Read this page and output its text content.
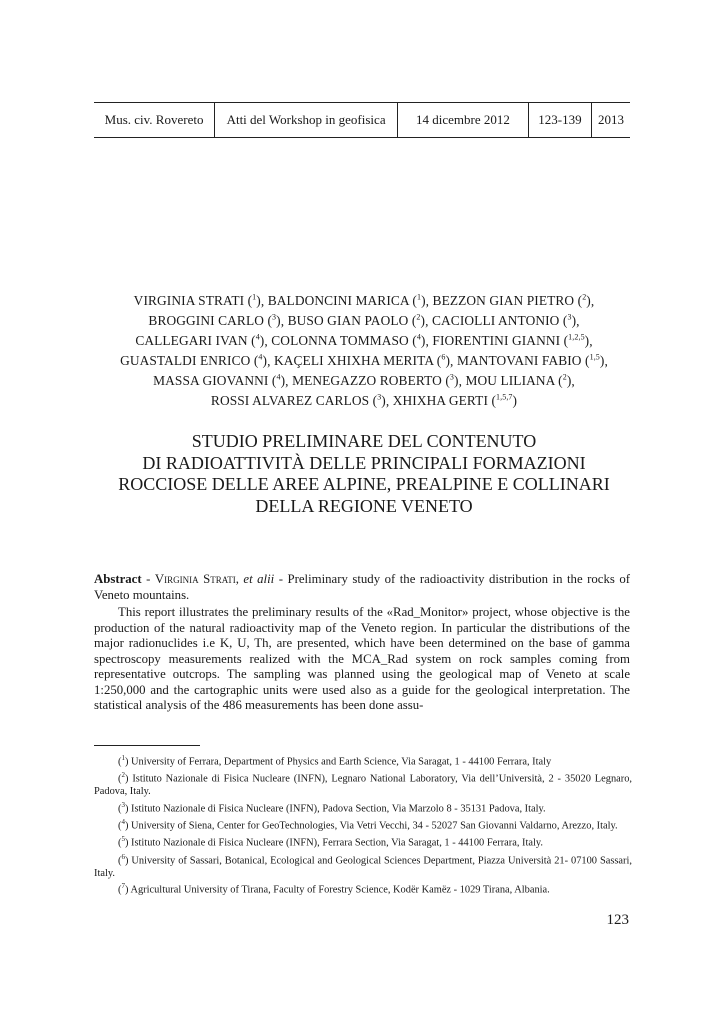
Mus. civ. Rovereto	Atti del Workshop in geofisica	14 dicembre 2012	123-139	2013
VIRGINIA STRATI ($^1$), BALDONCINI MARICA ($^1$), BEZZON GIAN PIETRO ($^2$),
BROGGINI CARLO ($^3$), BUSO GIAN PAOLO ($^2$), CACIOLLI ANTONIO ($^3$),
CALLEGARI IVAN ($^4$), COLONNA TOMMASO ($^4$), FIORENTINI GIANNI ($^{1,2,5}$),
GUASTALDI ENRICO ($^4$), KAÇELI XHIXHA MERITA ($^6$), MANTOVANI FABIO ($^{1,5}$),
MASSA GIOVANNI ($^4$), MENEGAZZO ROBERTO ($^3$), MOU LILIANA ($^2$),
ROSSI ALVAREZ CARLOS ($^3$), XHIXHA GERTI ($^{1,5,7}$)
STUDIO PRELIMINARE DEL CONTENUTO
DI RADIOATTIVITÀ DELLE PRINCIPALI FORMAZIONI
ROCCIOSE DELLE AREE ALPINE, PREALPINE E COLLINARI
DELLA REGIONE VENETO

Abstract - Virginia Strati, et alii - Preliminary study of the radioactivity distribution in the rocks of Veneto mountains.

This report illustrates the preliminary results of the «Rad_Monitor» project, whose objective is the production of the natural radioactivity map of the Veneto region. In particular the distributions of the major radionuclides i.e K, U, Th, are presented, which have been determined on the base of gamma spectroscopy measurements realized with the MCA_Rad system on rock samples coming from representative outcrops. The sampling was planned using the geological map of Veneto at scale 1:250,000 and the cartographic units were used also as a guide for the geological interpretation. The statistical analysis of the 486 measurements has been done assu-

($^1$) University of Ferrara, Department of Physics and Earth Science, Via Saragat, 1 - 44100 Ferrara, Italy

($^2$) Istituto Nazionale di Fisica Nucleare (INFN), Legnaro National Laboratory, Via dell’Università, 2 - 35020 Legnaro, Padova, Italy.

($^3$) Istituto Nazionale di Fisica Nucleare (INFN), Padova Section, Via Marzolo 8 - 35131 Padova, Italy.

($^4$) University of Siena, Center for GeoTechnologies, Via Vetri Vecchi, 34 - 52027 San Giovanni Valdarno, Arezzo, Italy.

($^5$) Istituto Nazionale di Fisica Nucleare (INFN), Ferrara Section, Via Saragat, 1 - 44100 Ferrara, Italy.

($^6$) University of Sassari, Botanical, Ecological and Geological Sciences Department, Piazza Università 21- 07100 Sassari, Italy.

($^7$) Agricultural University of Tirana, Faculty of Forestry Science, Kodër Kamëz - 1029 Tirana, Albania.

123
